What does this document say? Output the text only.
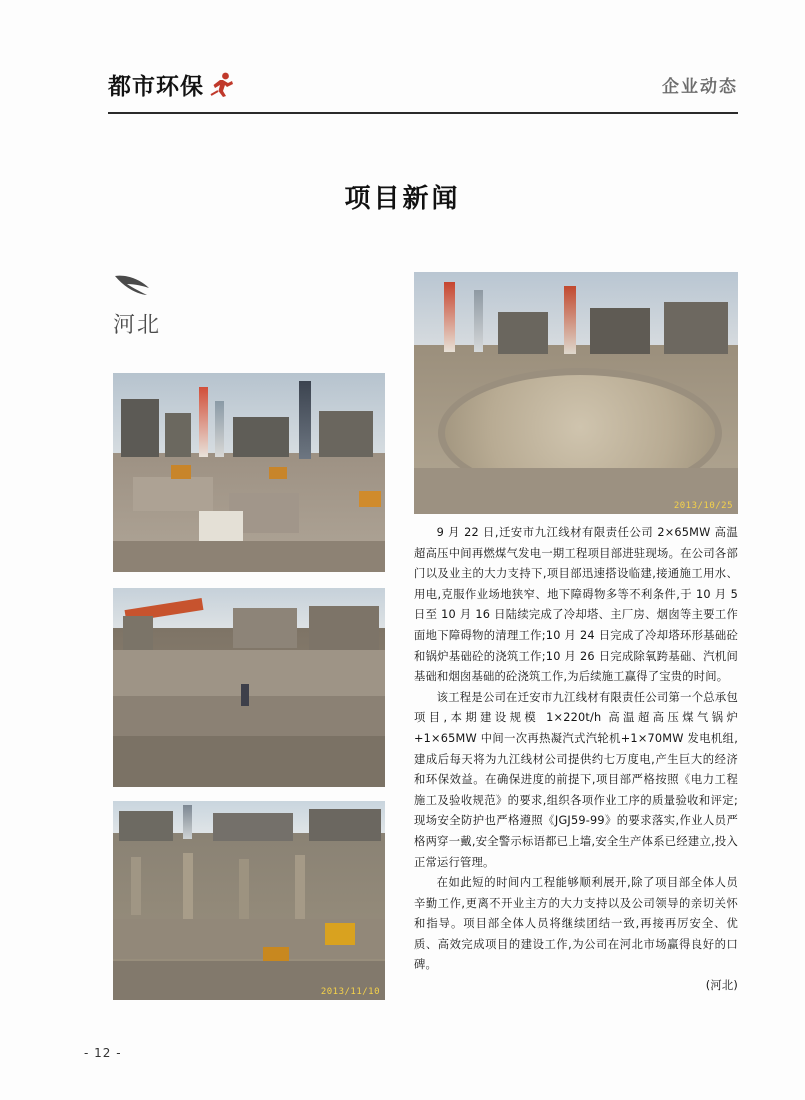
都市环保	企业动态
项目新闻
河北
2013/11/10
2013/10/25

9 月 22 日,迁安市九江线材有限责任公司 2×65MW 高温超高压中间再燃煤气发电一期工程项目部进驻现场。在公司各部门以及业主的大力支持下,项目部迅速搭设临建,接通施工用水、用电,克服作业场地狭窄、地下障碍物多等不利条件,于 10 月 5 日至 10 月 16 日陆续完成了冷却塔、主厂房、烟囱等主要工作面地下障碍物的清理工作;10 月 24 日完成了冷却塔环形基础砼和锅炉基础砼的浇筑工作;10 月 26 日完成除氧跨基础、汽机间基础和烟囱基础的砼浇筑工作,为后续施工赢得了宝贵的时间。

该工程是公司在迁安市九江线材有限责任公司第一个总承包项目,本期建设规模 1×220t/h 高温超高压煤气锅炉+1×65MW 中间一次再热凝汽式汽轮机+1×70MW 发电机组,建成后每天将为九江线材公司提供约七万度电,产生巨大的经济和环保效益。在确保进度的前提下,项目部严格按照《电力工程施工及验收规范》的要求,组织各项作业工序的质量验收和评定;现场安全防护也严格遵照《JGJ59-99》的要求落实,作业人员严格两穿一戴,安全警示标语都已上墙,安全生产体系已经建立,投入正常运行管理。

在如此短的时间内工程能够顺利展开,除了项目部全体人员辛勤工作,更离不开业主方的大力支持以及公司领导的亲切关怀和指导。项目部全体人员将继续团结一致,再接再厉安全、优质、高效完成项目的建设工作,为公司在河北市场赢得良好的口碑。

(河北)

- 12 -
